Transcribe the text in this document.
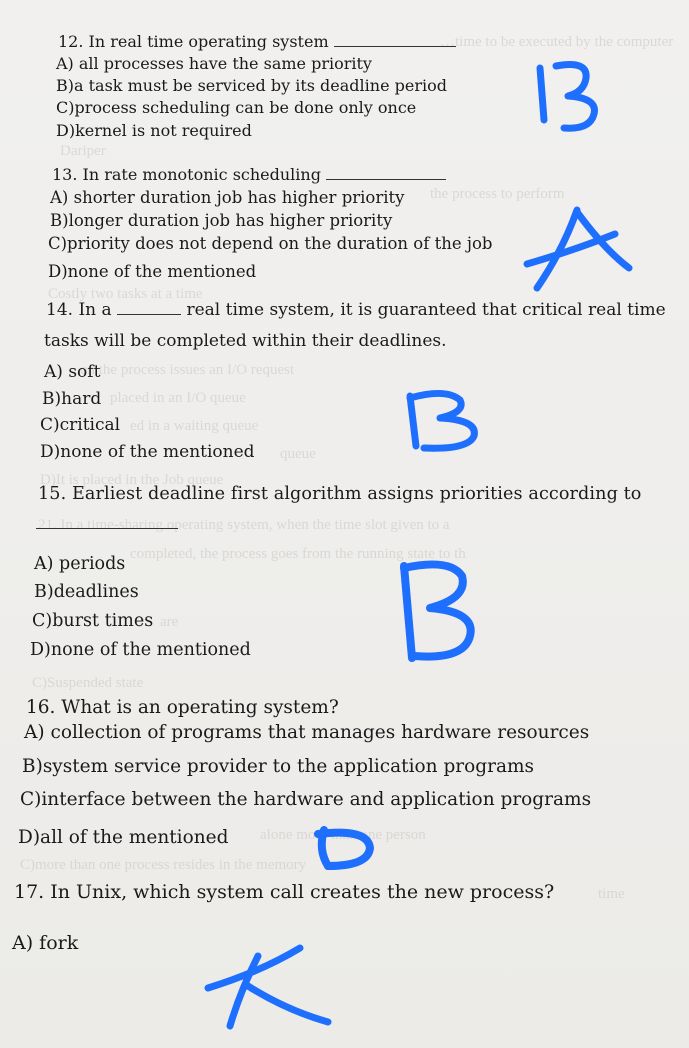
…time to be executed by the computer
Dariper
the process to perform
Costly two tasks at a time
on the process issues an I/O request
placed in an I/O queue
ed in a waiting queue
queue
D)It is placed in the Job queue
21. In a time-sharing operating system, when the time slot given to a
completed, the process goes from the running state to th
are
C)Suspended state
alone more than one person
C)more than one process resides in the memory
time
12. In real time operating system
A) all processes have the same priority
B)a task must be serviced by its deadline period
C)process scheduling can be done only once
D)kernel is not required
13. In rate monotonic scheduling
A) shorter duration job has higher priority
B)longer duration job has higher priority
C)priority does not depend on the duration of the job
D)none of the mentioned
14. In a	real time system, it is guaranteed that critical real time
tasks will be completed within their deadlines.
A) soft
B)hard
C)critical
D)none of the mentioned
15. Earliest deadline first algorithm assigns priorities according to
A) periods
B)deadlines
C)burst times
D)none of the mentioned
16. What is an operating system?
A) collection of programs that manages hardware resources
B)system service provider to the application programs
C)interface between the hardware and application programs
D)all of the mentioned
17. In Unix, which system call creates the new process?
A) fork
